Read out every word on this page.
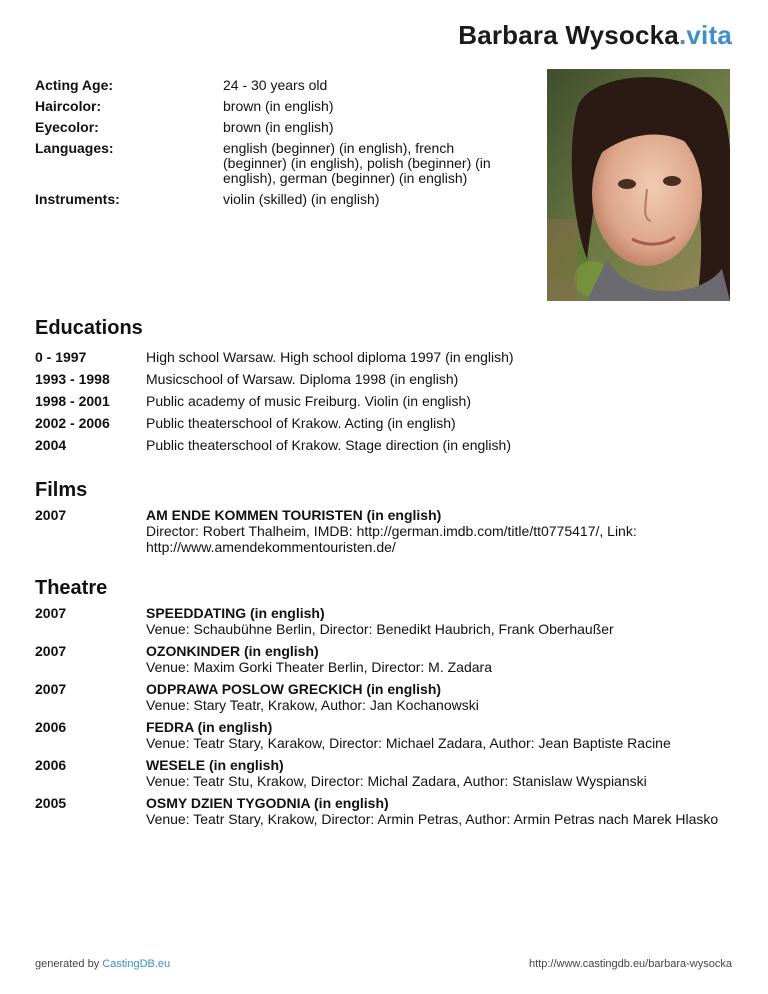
Barbara Wysocka.vita
Acting Age:	24 - 30 years old
Haircolor:	brown (in english)
Eyecolor:	brown (in english)
Languages:	english (beginner) (in english), french (beginner) (in english), polish (beginner) (in english), german (beginner) (in english)
Instruments:	violin (skilled) (in english)
Educations
0 - 1997	High school Warsaw. High school diploma 1997 (in english)
1993 - 1998	Musicschool of Warsaw. Diploma 1998 (in english)
1998 - 2001	Public academy of music Freiburg. Violin (in english)
2002 - 2006	Public theaterschool of Krakow. Acting (in english)
2004	Public theaterschool of Krakow. Stage direction (in english)
Films
2007	AM ENDE KOMMEN TOURISTEN (in english)
Director: Robert Thalheim, IMDB: http://german.imdb.com/title/tt0775417/, Link: http://www.amendekommentouristen.de/
Theatre
2007	SPEEDDATING (in english)
Venue: Schaubühne Berlin, Director: Benedikt Haubrich, Frank Oberhaußer
2007	OZONKINDER (in english)
Venue: Maxim Gorki Theater Berlin, Director: M. Zadara
2007	ODPRAWA POSLOW GRECKICH (in english)
Venue: Stary Teatr, Krakow, Author: Jan Kochanowski
2006	FEDRA (in english)
Venue: Teatr Stary, Karakow, Director: Michael Zadara, Author: Jean Baptiste Racine
2006	WESELE (in english)
Venue: Teatr Stu, Krakow, Director: Michal Zadara, Author: Stanislaw Wyspianski
2005	OSMY DZIEN TYGODNIA (in english)
Venue: Teatr Stary, Krakow, Director: Armin Petras, Author: Armin Petras nach Marek Hlasko
generated by CastingDB.eu	http://www.castingdb.eu/barbara-wysocka
